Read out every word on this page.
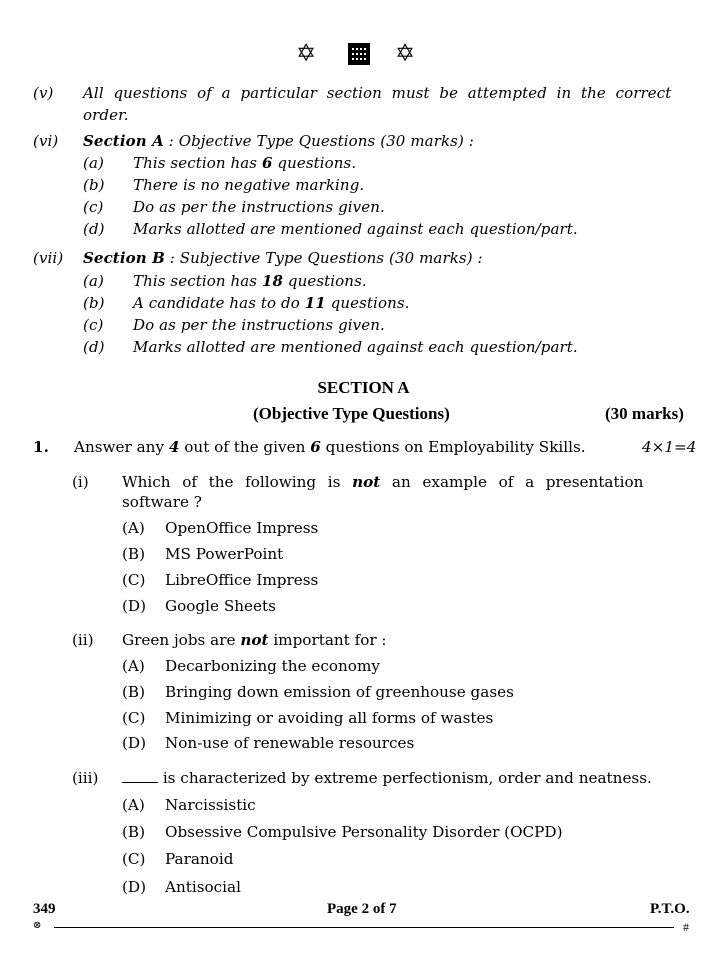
✡	✡
(v) All  questions  of  a  particular  section  must  be  attempted  in  the  correct
order.
(vi) Section A : Objective Type Questions (30 marks) :
(a) This section has 6 questions.
(b) There is no negative marking.
(c) Do as per the instructions given.
(d) Marks allotted are mentioned against each question/part.
(vii) Section B : Subjective Type Questions (30 marks) :
(a) This section has 18 questions.
(b) A candidate has to do 11 questions.
(c) Do as per the instructions given.
(d) Marks allotted are mentioned against each question/part.
SECTION A
(Objective Type Questions)	(30 marks)
1. Answer any 4 out of the given 6 questions on Employability Skills.	4×1=4
(i) Which  of  the  following  is  not  an  example  of  a  presentation
software ?
(A) OpenOffice Impress
(B) MS PowerPoint
(C) LibreOffice Impress
(D) Google Sheets
(ii) Green jobs are not important for :
(A) Decarbonizing the economy
(B) Bringing down emission of greenhouse gases
(C) Minimizing or avoiding all forms of wastes
(D) Non-use of renewable resources
(iii)	is characterized by extreme perfectionism, order and neatness.
(A) Narcissistic
(B) Obsessive Compulsive Personality Disorder (OCPD)
(C) Paranoid
(D) Antisocial
349	Page 2 of 7	P.T.O.
⊗	#
